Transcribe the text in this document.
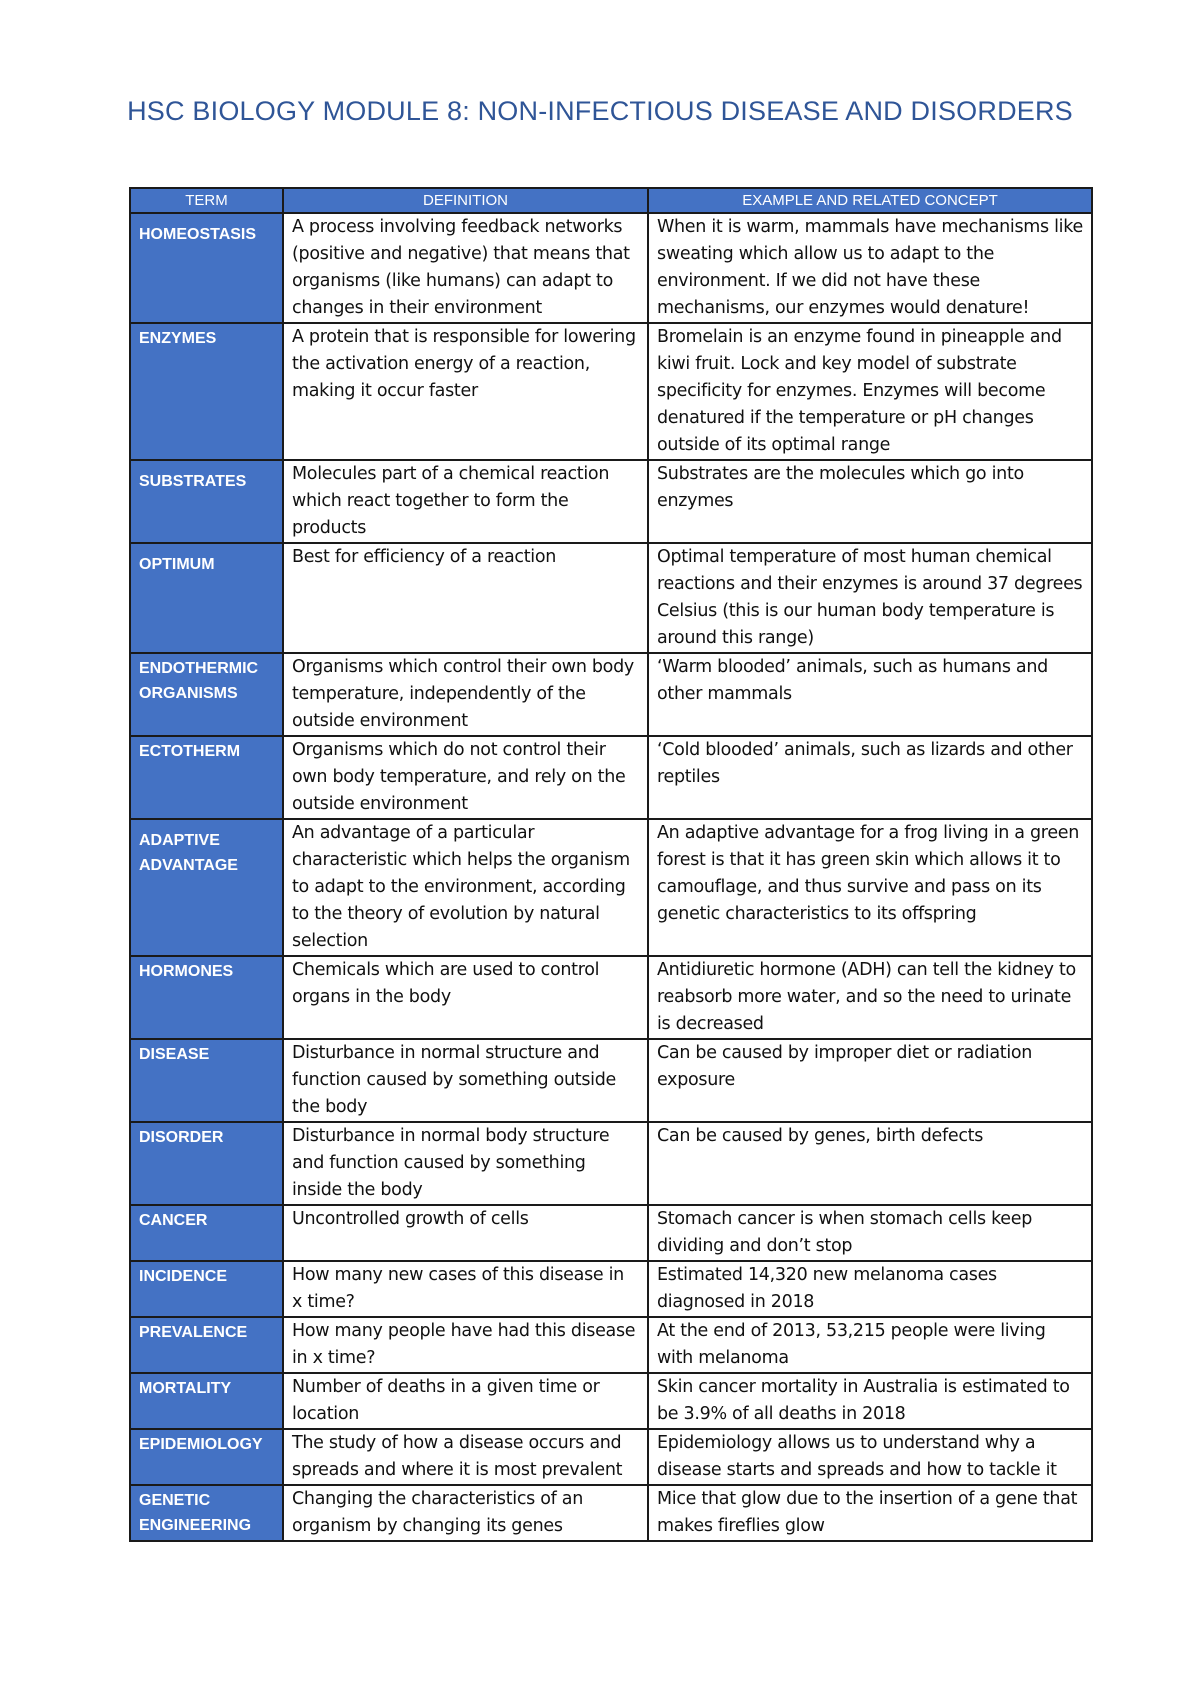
HSC BIOLOGY MODULE 8: NON-INFECTIOUS DISEASE AND DISORDERS
TERM	DEFINITION	EXAMPLE AND RELATED CONCEPT
HOMEOSTASIS	A process involving feedback networks (positive and negative) that means that organisms (like humans) can adapt to changes in their environment	When it is warm, mammals have mechanisms like sweating which allow us to adapt to the environment. If we did not have these mechanisms, our enzymes would denature!
ENZYMES	A protein that is responsible for lowering the activation energy of a reaction, making it occur faster	Bromelain is an enzyme found in pineapple and kiwi fruit. Lock and key model of substrate specificity for enzymes. Enzymes will become denatured if the temperature or pH changes outside of its optimal range
SUBSTRATES	Molecules part of a chemical reaction which react together to form the products	Substrates are the molecules which go into enzymes
OPTIMUM	Best for efficiency of a reaction	Optimal temperature of most human chemical reactions and their enzymes is around 37 degrees Celsius (this is our human body temperature is around this range)
ENDOTHERMIC ORGANISMS	Organisms which control their own body temperature, independently of the outside environment	‘Warm blooded’ animals, such as humans and other mammals
ECTOTHERM	Organisms which do not control their own body temperature, and rely on the outside environment	‘Cold blooded’ animals, such as lizards and other reptiles
ADAPTIVE ADVANTAGE	An advantage of a particular characteristic which helps the organism to adapt to the environment, according to the theory of evolution by natural selection	An adaptive advantage for a frog living in a green forest is that it has green skin which allows it to camouflage, and thus survive and pass on its genetic characteristics to its offspring
HORMONES	Chemicals which are used to control organs in the body	Antidiuretic hormone (ADH) can tell the kidney to reabsorb more water, and so the need to urinate is decreased
DISEASE	Disturbance in normal structure and function caused by something outside the body	Can be caused by improper diet or radiation exposure
DISORDER	Disturbance in normal body structure and function caused by something inside the body	Can be caused by genes, birth defects
CANCER	Uncontrolled growth of cells	Stomach cancer is when stomach cells keep dividing and don’t stop
INCIDENCE	How many new cases of this disease in x time?	Estimated 14,320 new melanoma cases diagnosed in 2018
PREVALENCE	How many people have had this disease in x time?	At the end of 2013, 53,215 people were living with melanoma
MORTALITY	Number of deaths in a given time or location	Skin cancer mortality in Australia is estimated to be 3.9% of all deaths in 2018
EPIDEMIOLOGY	The study of how a disease occurs and spreads and where it is most prevalent	Epidemiology allows us to understand why a disease starts and spreads and how to tackle it
GENETIC ENGINEERING	Changing the characteristics of an organism by changing its genes	Mice that glow due to the insertion of a gene that makes fireflies glow
